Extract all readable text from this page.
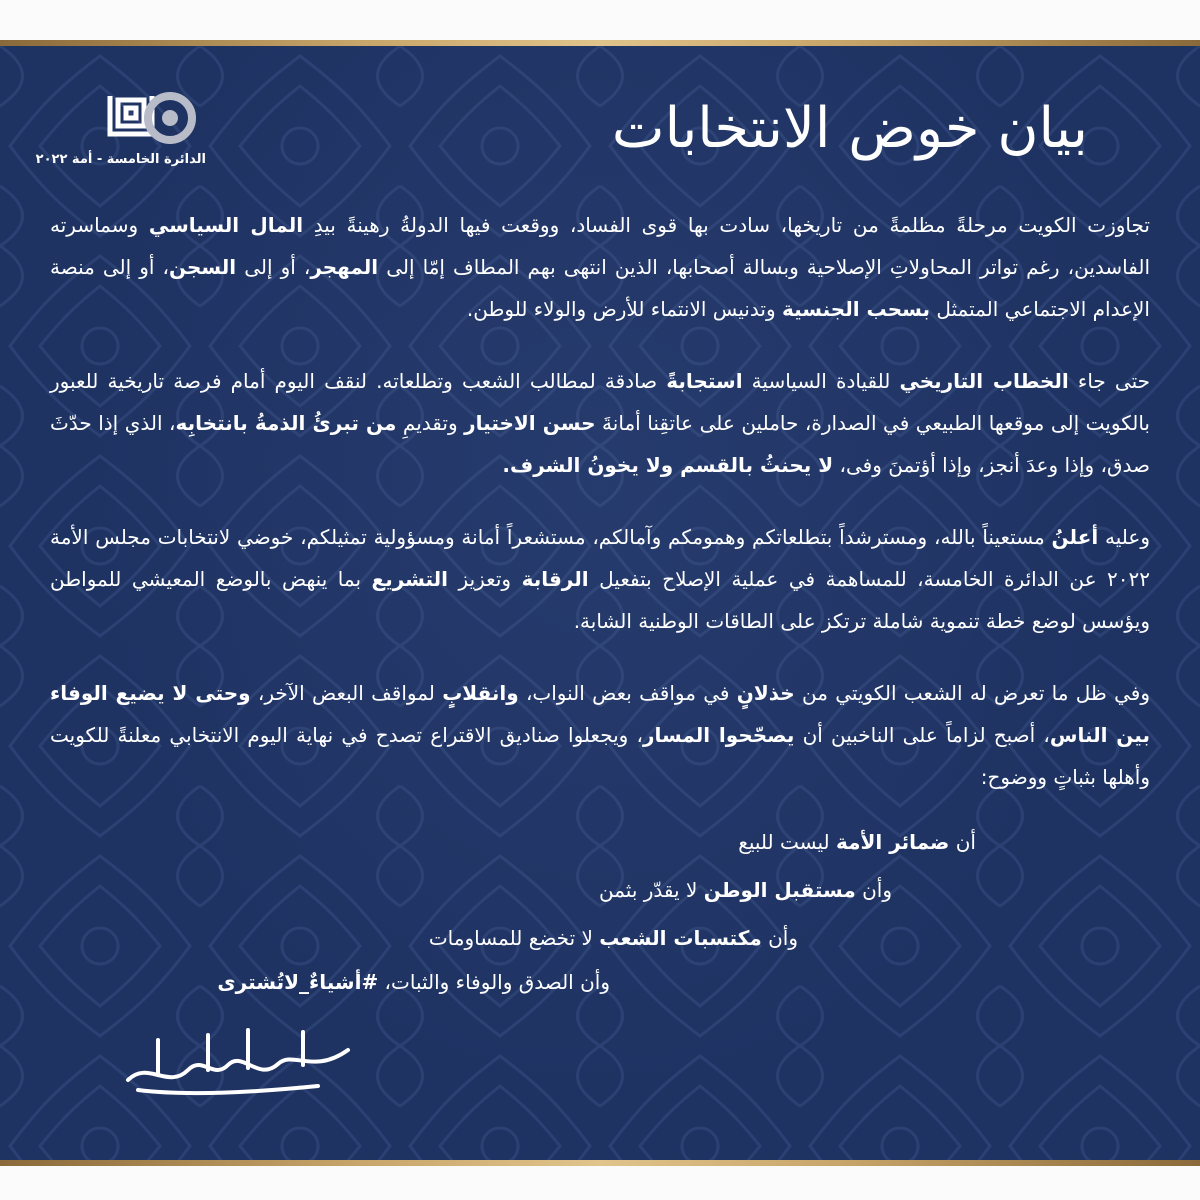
الدائرة الخامسة - أمة ٢٠٢٢	بيان خوض الانتخابات

تجاوزت الكويت مرحلةً مظلمةً من تاريخها، سادت بها قوى الفساد، ووقعت فيها الدولةُ رهينةً بيدِ المال السياسي وسماسرته الفاسدين، رغم تواتر المحاولاتِ الإصلاحية وبسالة أصحابها، الذين انتهى بهم المطاف إمّا إلى المهجر، أو إلى السجن، أو إلى منصة الإعدام الاجتماعي المتمثل بسحب الجنسية وتدنيس الانتماء للأرض والولاء للوطن.

حتى جاء الخطاب التاريخي للقيادة السياسية استجابةً صادقة لمطالب الشعب وتطلعاته. لنقف اليوم أمام فرصة تاريخية للعبور بالكويت إلى موقعها الطبيعي في الصدارة، حاملين على عاتقِنا أمانةَ حسن الاختيار وتقديمِ من تبرئُ الذمةُ بانتخابِه، الذي إذا حدّثَ صدق، وإذا وعدَ أنجز، وإذا أؤتمنَ وفى، لا يحنثُ بالقسم ولا يخونُ الشرف.

وعليه أعلنُ مستعيناً بالله، ومسترشداً بتطلعاتكم وهمومكم وآمالكم، مستشعراً أمانة ومسؤولية تمثيلكم، خوضي لانتخابات مجلس الأمة ٢٠٢٢ عن الدائرة الخامسة، للمساهمة في عملية الإصلاح بتفعيل الرقابة وتعزيز التشريع بما ينهض بالوضع المعيشي للمواطن ويؤسس لوضع خطة تنموية شاملة ترتكز على الطاقات الوطنية الشابة.

وفي ظل ما تعرض له الشعب الكويتي من خذلانٍ في مواقف بعض النواب، وانقلابٍ لمواقف البعض الآخر، وحتى لا يضيع الوفاء بين الناس، أصبح لزاماً على الناخبين أن يصحّحوا المسار، ويجعلوا صناديق الاقتراع تصدح في نهاية اليوم الانتخابي معلنةً للكويت وأهلها بثباتٍ ووضوح:

أن ضمائر الأمة ليست للبيع
وأن مستقبل الوطن لا يقدّر بثمن
وأن مكتسبات الشعب لا تخضع للمساومات
وأن الصدق والوفاء والثبات، #أشياءٌ_لاتُشترى
